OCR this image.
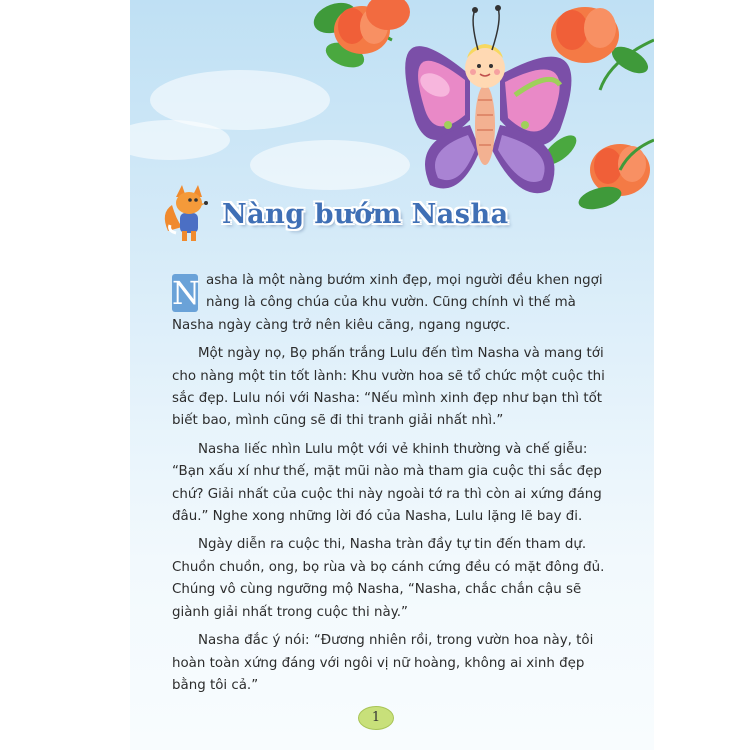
Nàng bướm Nasha

N asha là một nàng bướm xinh đẹp, mọi người đều khen ngợi nàng là công chúa của khu vườn. Cũng chính vì thế mà Nasha ngày càng trở nên kiêu căng, ngang ngược.

Một ngày nọ, Bọ phấn trắng Lulu đến tìm Nasha và mang tới cho nàng một tin tốt lành: Khu vườn hoa sẽ tổ chức một cuộc thi sắc đẹp. Lulu nói với Nasha: “Nếu mình xinh đẹp như bạn thì tốt biết bao, mình cũng sẽ đi thi tranh giải nhất nhì.”

Nasha liếc nhìn Lulu một với vẻ khinh thường và chế giễu: “Bạn xấu xí như thế, mặt mũi nào mà tham gia cuộc thi sắc đẹp chứ? Giải nhất của cuộc thi này ngoài tớ ra thì còn ai xứng đáng đâu.” Nghe xong những lời đó của Nasha, Lulu lặng lẽ bay đi.

Ngày diễn ra cuộc thi, Nasha tràn đầy tự tin đến tham dự. Chuồn chuồn, ong, bọ rùa và bọ cánh cứng đều có mặt đông đủ. Chúng vô cùng ngưỡng mộ Nasha, “Nasha, chắc chắn cậu sẽ giành giải nhất trong cuộc thi này.”

Nasha đắc ý nói: “Đương nhiên rồi, trong vườn hoa này, tôi hoàn toàn xứng đáng với ngôi vị nữ hoàng, không ai xinh đẹp bằng tôi cả.”

1
